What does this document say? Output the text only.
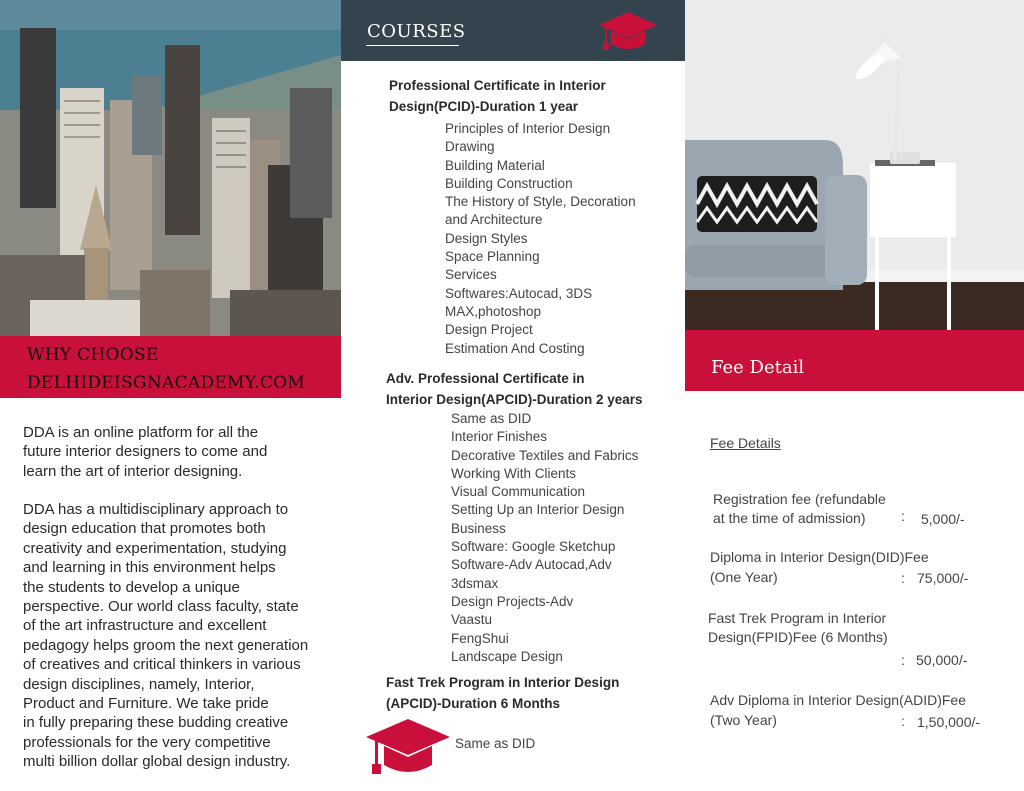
WHY CHOOSE
DELHIDEISGNACADEMY.COM
DDA is an online platform for all the
future interior designers to come and
learn the art of interior designing.
DDA has a multidisciplinary approach to
design education that promotes both
creativity and experimentation, studying
and learning in this environment helps
the students to develop a unique
perspective. Our world class faculty, state
of the art infrastructure and excellent
pedagogy helps groom the next generation
of creatives and critical thinkers in various
design disciplines, namely, Interior,
Product and Furniture. We take pride
in fully preparing these budding creative
professionals for the very competitive
multi billion dollar global design industry.
COURSES
Professional Certificate in Interior
Design(PCID)-Duration 1 year
Principles of Interior Design
Drawing
Building Material
Building Construction
The History of Style, Decoration
and Architecture
Design Styles
Space Planning
Services
Softwares:Autocad, 3DS
MAX,photoshop
Design Project
Estimation And Costing
Adv. Professional Certificate in
Interior Design(APCID)-Duration 2 years
Same as DID
Interior Finishes
Decorative Textiles and Fabrics
Working With Clients
Visual Communication
Setting Up an Interior Design
Business
Software: Google Sketchup
Software-Adv Autocad,Adv
3dsmax
Design Projects-Adv
Vaastu
FengShui
Landscape Design
Fast Trek Program in Interior Design
(APCID)-Duration 6 Months
Same as DID
Fee Detail
Fee Details
Registration fee (refundable
at the time of admission)	: 5,000/-
Diploma in Interior Design(DID)Fee
(One Year)	: 75,000/-
Fast Trek Program in Interior
Design(FPID)Fee (6 Months)
: 50,000/-
Adv Diploma in Interior Design(ADID)Fee
(Two Year)	: 1,50,000/-
